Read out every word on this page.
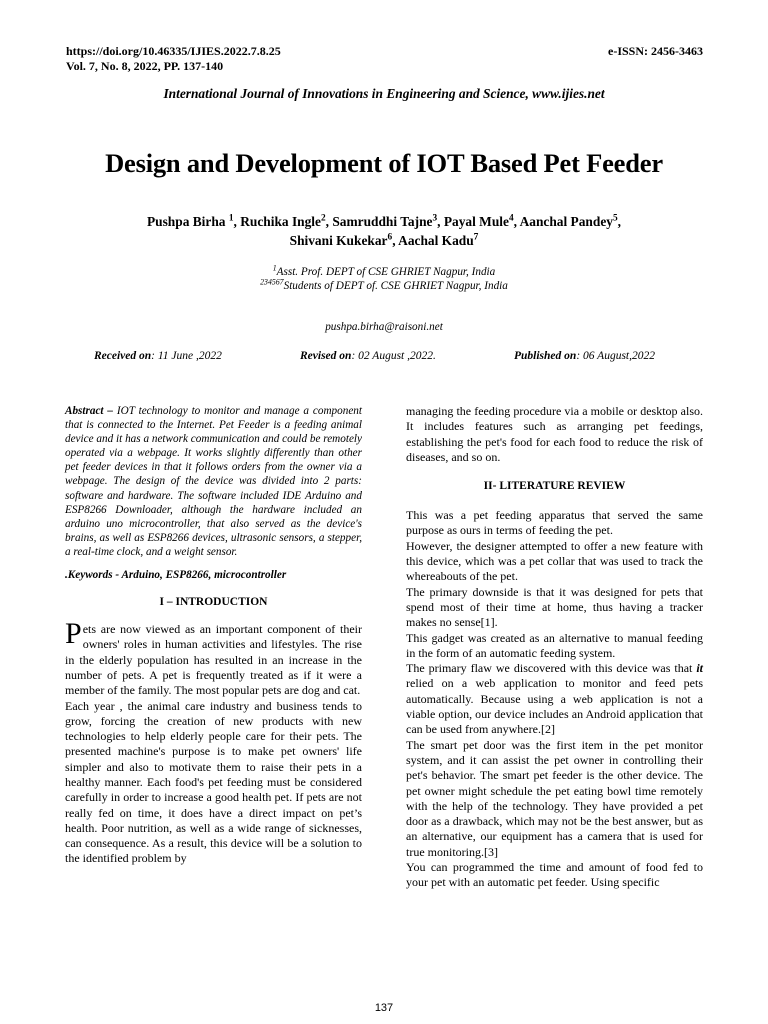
https://doi.org/10.46335/IJIES.2022.7.8.25
Vol. 7, No. 8, 2022, PP. 137-140
e-ISSN: 2456-3463
International Journal of Innovations in Engineering and Science, www.ijies.net
Design and Development of IOT Based Pet Feeder
Pushpa Birha $^1$, Ruchika Ingle$^2$, Samruddhi Tajne$^3$, Payal Mule$^4$, Aanchal Pandey$^5$,
Shivani Kukekar$^6$, Aachal Kadu$^7$
$^1$Asst. Prof. DEPT of CSE GHRIET Nagpur, India
$^{234567}$Students of DEPT of. CSE GHRIET Nagpur, India
pushpa.birha@raisoni.net
Received on: 11 June ,2022	Revised on: 02 August ,2022.	Published on: 06 August,2022

Abstract – IOT technology to monitor and manage a component that is connected to the Internet. Pet Feeder is a feeding animal device and it has a network communication and could be remotely operated via a webpage. It works slightly differently than other pet feeder devices in that it follows orders from the owner via a webpage. The design of the device was divided into 2 parts: software and hardware. The software included IDE Arduino and ESP8266 Downloader, although the hardware included an arduino uno microcontroller, that also served as the device's brains, as well as ESP8266 devices, ultrasonic sensors, a stepper, a real-time clock, and a weight sensor.

.Keywords - Arduino, ESP8266, microcontroller

I – INTRODUCTION

Pets are now viewed as an important component of their owners' roles in human activities and lifestyles. The rise in the elderly population has resulted in an increase in the number of pets. A pet is frequently treated as if it were a member of the family. The most popular pets are dog and cat.

Each year , the animal care industry and business tends to grow, forcing the creation of new products with new technologies to help elderly people care for their pets. The presented machine's purpose is to make pet owners' life simpler and also to motivate them to raise their pets in a healthy manner. Each food's pet feeding must be considered carefully in order to increase a good health pet. If pets are not really fed on time, it does have a direct impact on pet’s health. Poor nutrition, as well as a wide range of sicknesses, can consequence. As a result, this device will be a solution to the identified problem by

managing the feeding procedure via a mobile or desktop also. It includes features such as arranging pet feedings, establishing the pet's food for each food to reduce the risk of diseases, and so on.

II- LITERATURE REVIEW

This was a pet feeding apparatus that served the same purpose as ours in terms of feeding the pet.

However, the designer attempted to offer a new feature with this device, which was a pet collar that was used to track the whereabouts of the pet.

The primary downside is that it was designed for pets that spend most of their time at home, thus having a tracker makes no sense[1].

This gadget was created as an alternative to manual feeding in the form of an automatic feeding system.

The primary flaw we discovered with this device was that it relied on a web application to monitor and feed pets automatically. Because using a web application is not a viable option, our device includes an Android application that can be used from anywhere.[2]

The smart pet door was the first item in the pet monitor system, and it can assist the pet owner in controlling their pet's behavior. The smart pet feeder is the other device. The pet owner might schedule the pet eating bowl time remotely with the help of the technology. They have provided a pet door as a drawback, which may not be the best answer, but as an alternative, our equipment has a camera that is used for true monitoring.[3]

You can programmed the time and amount of food fed to your pet with an automatic pet feeder. Using specific

137
